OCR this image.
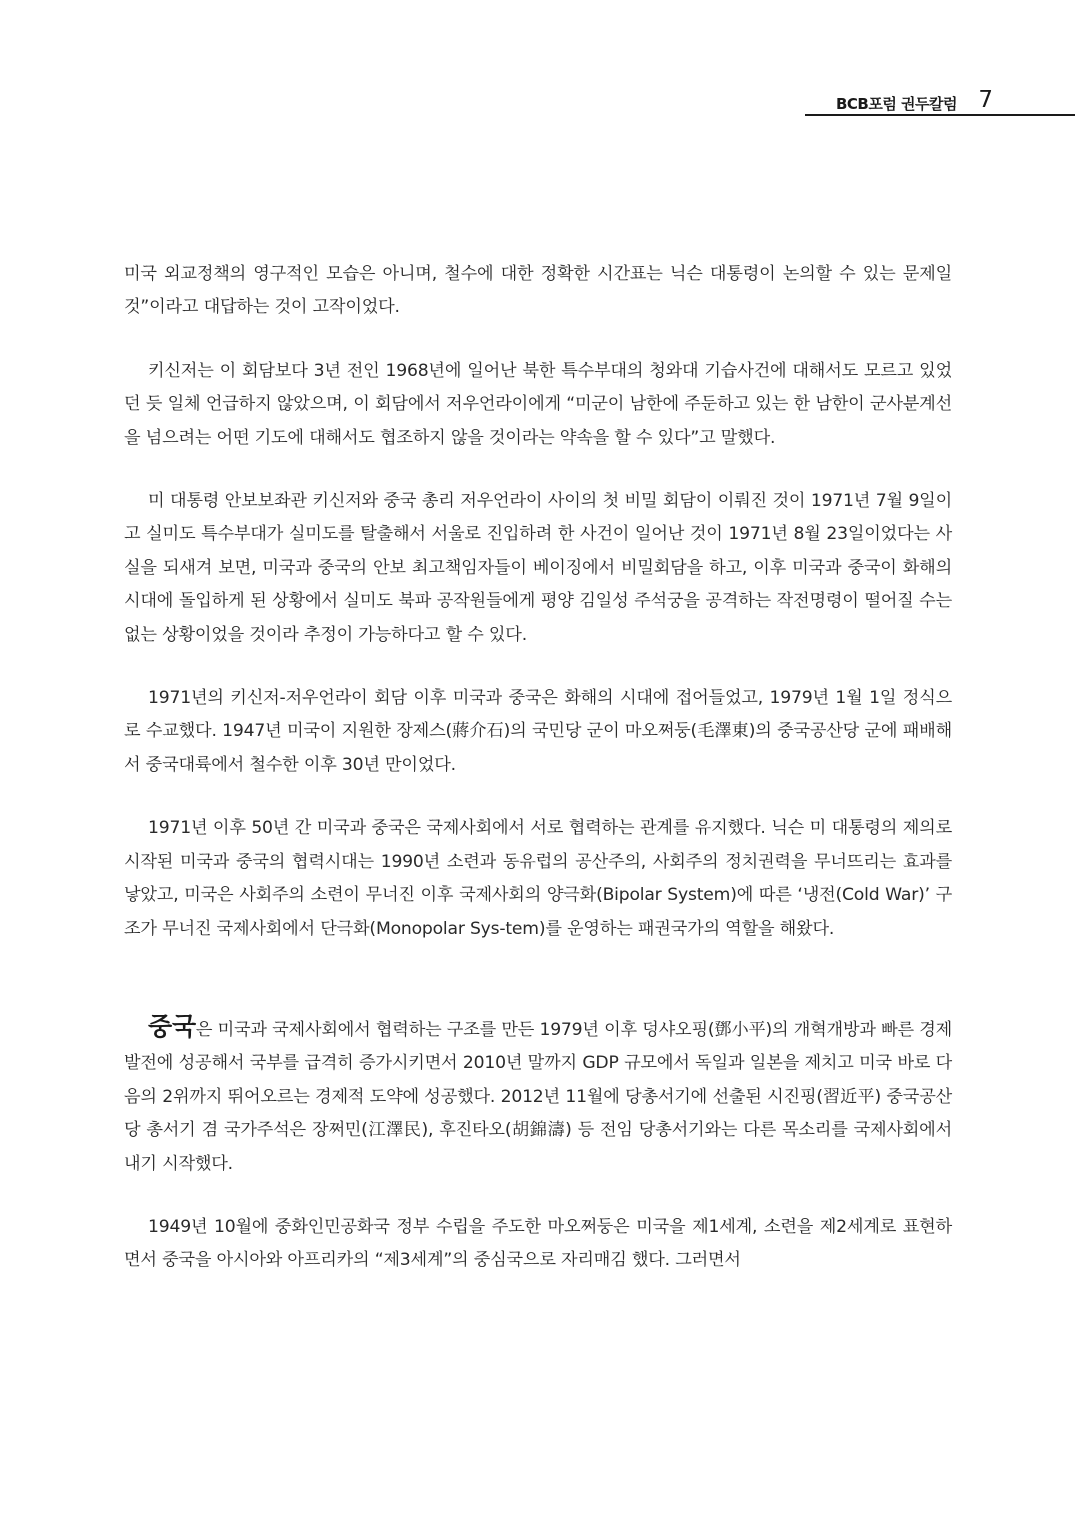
BCB포럼 권두칼럼 7

미국 외교정책의 영구적인 모습은 아니며, 철수에 대한 정확한 시간표는 닉슨 대통령이 논의할 수 있는 문제일 것”이라고 대답하는 것이 고작이었다.

키신저는 이 회담보다 3년 전인 1968년에 일어난 북한 특수부대의 청와대 기습사건에 대해서도 모르고 있었던 듯 일체 언급하지 않았으며, 이 회담에서 저우언라이에게 “미군이 남한에 주둔하고 있는 한 남한이 군사분계선을 넘으려는 어떤 기도에 대해서도 협조하지 않을 것이라는 약속을 할 수 있다”고 말했다.

미 대통령 안보보좌관 키신저와 중국 총리 저우언라이 사이의 첫 비밀 회담이 이뤄진 것이 1971년 7월 9일이고 실미도 특수부대가 실미도를 탈출해서 서울로 진입하려 한 사건이 일어난 것이 1971년 8월 23일이었다는 사실을 되새겨 보면, 미국과 중국의 안보 최고책임자들이 베이징에서 비밀회담을 하고, 이후 미국과 중국이 화해의 시대에 돌입하게 된 상황에서 실미도 북파 공작원들에게 평양 김일성 주석궁을 공격하는 작전명령이 떨어질 수는 없는 상황이었을 것이라 추정이 가능하다고 할 수 있다.

1971년의 키신저-저우언라이 회담 이후 미국과 중국은 화해의 시대에 접어들었고, 1979년 1월 1일 정식으로 수교했다. 1947년 미국이 지원한 장제스(蔣介石)의 국민당 군이 마오쩌둥(毛澤東)의 중국공산당 군에 패배해서 중국대륙에서 철수한 이후 30년 만이었다.

1971년 이후 50년 간 미국과 중국은 국제사회에서 서로 협력하는 관계를 유지했다. 닉슨 미 대통령의 제의로 시작된 미국과 중국의 협력시대는 1990년 소련과 동유럽의 공산주의, 사회주의 정치권력을 무너뜨리는 효과를 낳았고, 미국은 사회주의 소련이 무너진 이후 국제사회의 양극화(Bipolar System)에 따른 ‘냉전(Cold War)’ 구조가 무너진 국제사회에서 단극화(Monopolar Sys-tem)를 운영하는 패권국가의 역할을 해왔다.

중국은 미국과 국제사회에서 협력하는 구조를 만든 1979년 이후 덩샤오핑(鄧小平)의 개혁개방과 빠른 경제발전에 성공해서 국부를 급격히 증가시키면서 2010년 말까지 GDP 규모에서 독일과 일본을 제치고 미국 바로 다음의 2위까지 뛰어오르는 경제적 도약에 성공했다. 2012년 11월에 당총서기에 선출된 시진핑(習近平) 중국공산당 총서기 겸 국가주석은 장쩌민(江澤民), 후진타오(胡錦濤) 등 전임 당총서기와는 다른 목소리를 국제사회에서 내기 시작했다.

1949년 10월에 중화인민공화국 정부 수립을 주도한 마오쩌둥은 미국을 제1세계, 소련을 제2세계로 표현하면서 중국을 아시아와 아프리카의 “제3세계”의 중심국으로 자리매김 했다. 그러면서
